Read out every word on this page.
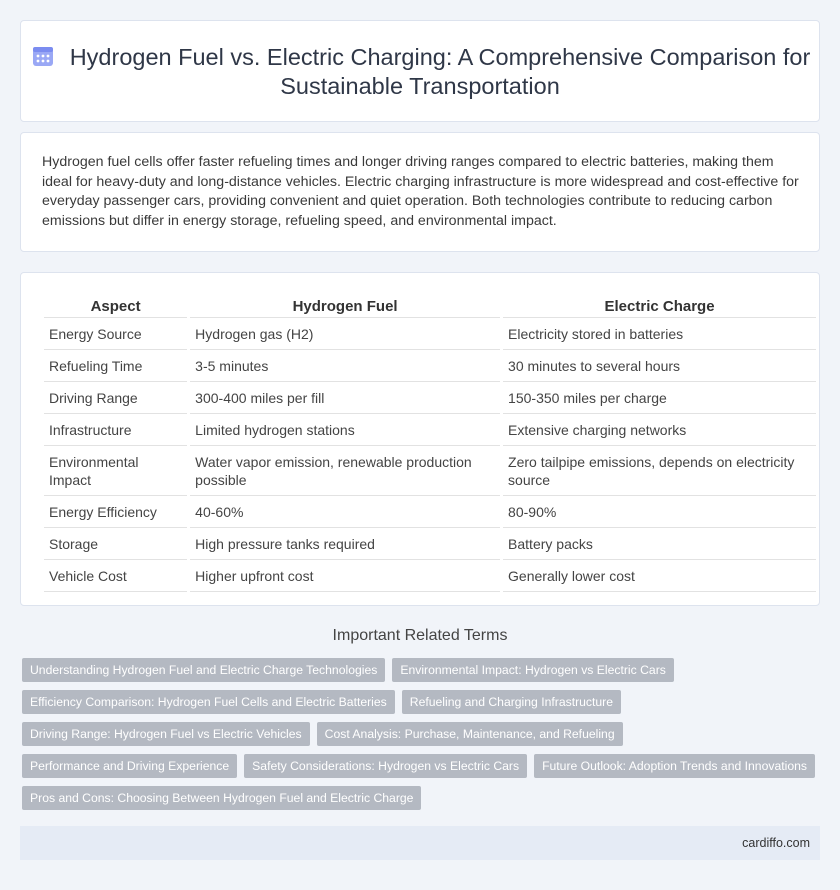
Hydrogen Fuel vs. Electric Charging: A Comprehensive Comparison for Sustainable Transportation

Hydrogen fuel cells offer faster refueling times and longer driving ranges compared to electric batteries, making them ideal for heavy-duty and long-distance vehicles. Electric charging infrastructure is more widespread and cost-effective for everyday passenger cars, providing convenient and quiet operation. Both technologies contribute to reducing carbon emissions but differ in energy storage, refueling speed, and environmental impact.

Aspect	Hydrogen Fuel	Electric Charge
Energy Source	Hydrogen gas (H2)	Electricity stored in batteries
Refueling Time	3-5 minutes	30 minutes to several hours
Driving Range	300-400 miles per fill	150-350 miles per charge
Infrastructure	Limited hydrogen stations	Extensive charging networks
Environmental Impact	Water vapor emission, renewable production possible	Zero tailpipe emissions, depends on electricity source
Energy Efficiency	40-60%	80-90%
Storage	High pressure tanks required	Battery packs
Vehicle Cost	Higher upfront cost	Generally lower cost
Important Related Terms
Understanding Hydrogen Fuel and Electric Charge Technologies	Environmental Impact: Hydrogen vs Electric Cars
Efficiency Comparison: Hydrogen Fuel Cells and Electric Batteries	Refueling and Charging Infrastructure
Driving Range: Hydrogen Fuel vs Electric Vehicles	Cost Analysis: Purchase, Maintenance, and Refueling
Performance and Driving Experience	Safety Considerations: Hydrogen vs Electric Cars	Future Outlook: Adoption Trends and Innovations
Pros and Cons: Choosing Between Hydrogen Fuel and Electric Charge
cardiffo.com
